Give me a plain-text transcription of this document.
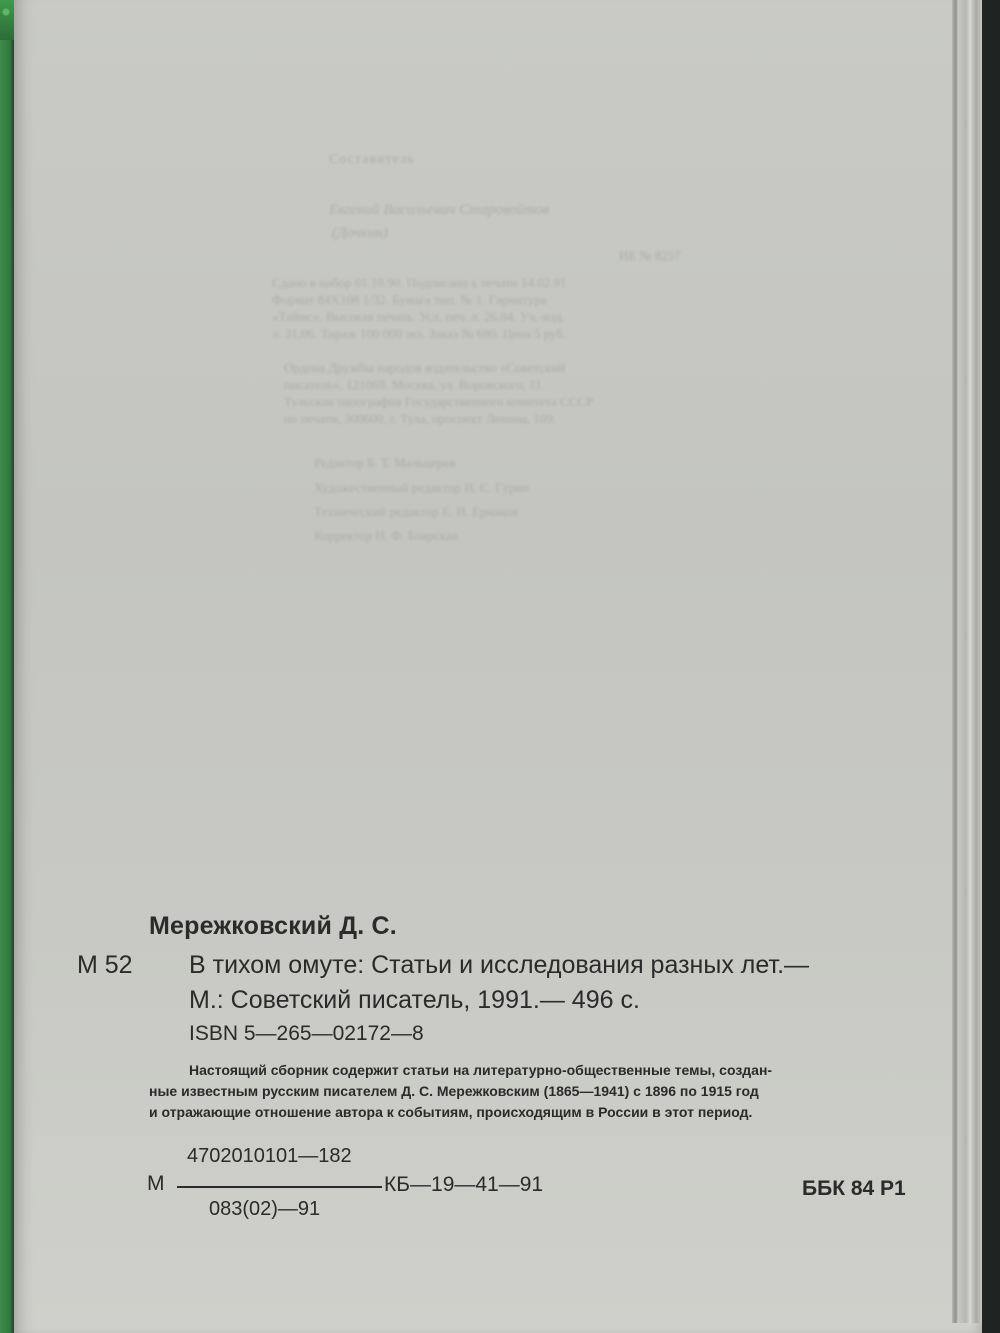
Составитель
Евгений Васильевич Старовойтов
(Дочкин)
ИБ № 8257
Сдано в набор 01.10.90. Подписано к печати 14.02.91
Формат 84Х108 1/32. Бумага тип. № 1. Гарнитура
«Таймс». Высокая печать. Усл. печ. л. 26,04. Уч.-изд.
л. 31,06. Тираж 100 000 экз. Заказ № 690. Цена 5 руб.
Ордена Дружбы народов издательство «Советский
писатель», 121069, Москва, ул. Воровского, 11.
Тульская типография Государственного комитета СССР
по печати, 300600, г. Тула, проспект Ленина, 109.
Редактор Б. Т. Мальцеров
Художественный редактор И. С. Гурин
Технический редактор Е. И. Ермаков
Корректор Н. Ф. Боярская
Мережковский Д. С.
М 52 В тихом омуте: Статьи и исследования разных лет.—
М.: Советский писатель, 1991.— 496 с.
ISBN 5—265—02172—8
Настоящий сборник содержит статьи на литературно-общественные темы, создан-
ные известным русским писателем Д. С. Мережковским (1865—1941) с 1896 по 1915 год
и отражающие отношение автора к событиям, происходящим в России в этот период.
4702010101—182
М	КБ—19—41—91
083(02)—91
ББК 84 Р1
